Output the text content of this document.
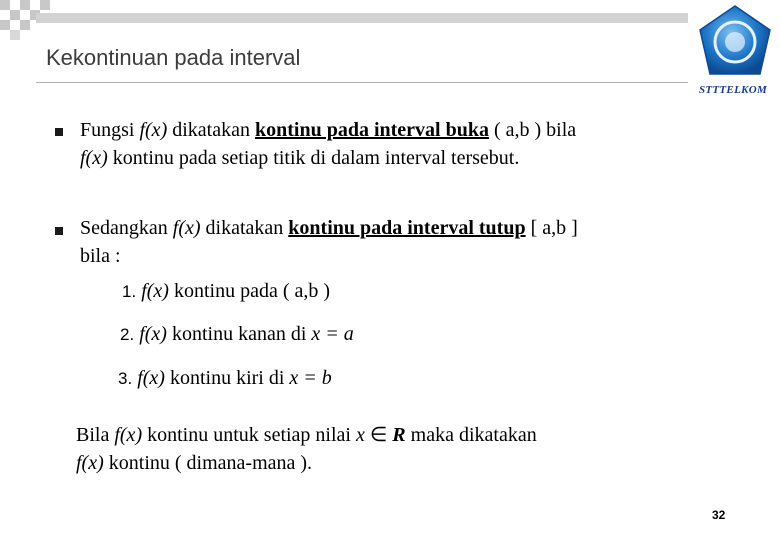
Kekontinuan pada interval
STTTELKOM
Fungsi f(x) dikatakan kontinu pada interval buka ( a,b ) bila
f(x) kontinu pada setiap titik di dalam interval tersebut.
Sedangkan f(x) dikatakan kontinu pada interval tutup [ a,b ]
bila :
1. f(x) kontinu pada ( a,b )
2. f(x) kontinu kanan di x = a
3. f(x) kontinu kiri di x = b
Bila f(x) kontinu untuk setiap nilai x ∈ R maka dikatakan
f(x) kontinu ( dimana-mana ).
32
